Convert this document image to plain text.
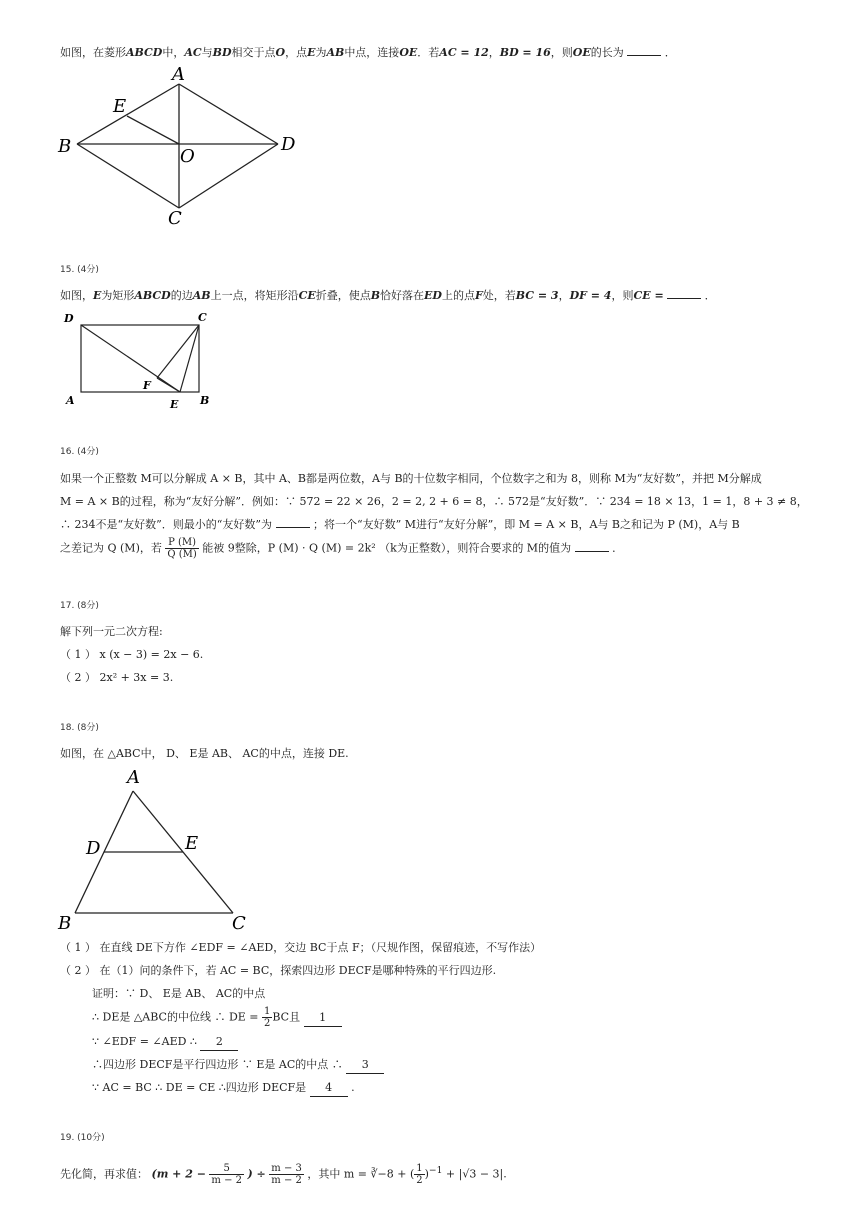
如图，在菱形ABCD中，AC与BD相交于点O，点E为AB中点，连接OE．若AC = 12，BD = 16，则OE的长为	．
A
B
C
D
E
O
15. (4分)
如图，E为矩形ABCD的边AB上一点，将矩形沿CE折叠，使点B恰好落在ED上的点F处，若BC = 3，DF = 4，则CE =	．
D	C
A	E B
F
16. (4分)
如果一个正整数 M可以分解成 A × B，其中 A、B都是两位数，A与 B的十位数字相同，个位数字之和为 8，则称 M为“友好数”，并把 M分解成
M = A × B的过程，称为“友好分解”．例如：∵ 572 = 22 × 26，2 = 2, 2 + 6 = 8，∴ 572是“友好数”．∵ 234 = 18 × 13，1 = 1，8 + 3 ≠ 8，
∴ 234不是“友好数”．则最小的“友好数”为	；将一个“友好数” M进行“友好分解”，即 M = A × B，A与 B之和记为 P (M)，A与 B
之差记为 Q (M)，若 $\frac{P (M)}{Q (M)}$ 能被 9整除，P (M) · Q (M) = 2k² （k为正整数），则符合要求的 M的值为	．
17. (8分)
解下列一元二次方程:
（ 1 ） x (x − 3) = 2x − 6.
（ 2 ） 2x² + 3x = 3.
18. (8分)
如图，在 △ABC中， D、 E是 AB、 AC的中点，连接 DE.
A
B	C
D	E
（ 1 ） 在直线 DE下方作 ∠EDF = ∠AED，交边 BC于点 F；（尺规作图，保留痕迹，不写作法）
（ 2 ） 在（1）问的条件下，若 AC = BC，探索四边形 DECF是哪种特殊的平行四边形.
证明：∵ D、 E是 AB、 AC的中点
∴ DE是 △ABC的中位线 ∴ DE = $\frac{1}{2}$ BC且 1
∵ ∠EDF = ∠AED ∴ 2
∴四边形 DECF是平行四边形 ∵ E是 AC的中点 ∴ 3
∵ AC = BC ∴ DE = CE ∴四边形 DECF是 4 .
19. (10分)
先化简，再求值： ($m + 2 - \frac{5}{m - 2}$ ) ÷ $\frac{m - 3}{m - 2}$ ，其中 m = ∛−8 + ( $\frac{1}{2} )^{-1} + |√3 - 3|$.
